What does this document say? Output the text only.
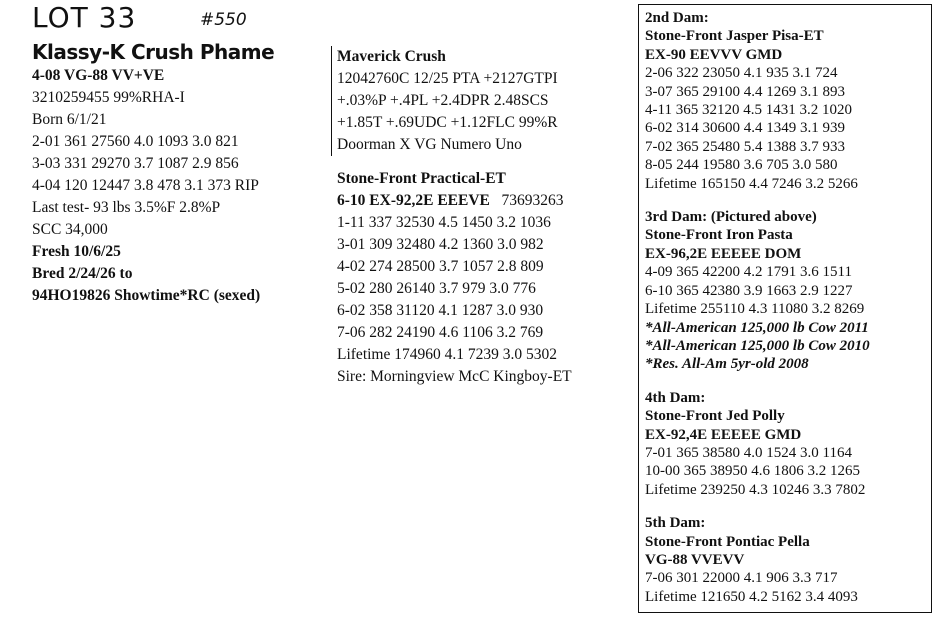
LOT 33	#550
Klassy-K Crush Phame
4-08 VG-88 VV+VE
3210259455 99%RHA-I
Born 6/1/21
2-01 361 27560 4.0 1093 3.0 821
3-03 331 29270 3.7 1087 2.9 856
4-04 120 12447 3.8 478 3.1 373 RIP
Last test- 93 lbs 3.5%F 2.8%P
SCC 34,000
Fresh 10/6/25
Bred 2/24/26 to
94HO19826 Showtime*RC (sexed)
Maverick Crush
12042760C 12/25 PTA +2127GTPI
+.03%P +.4PL +2.4DPR 2.48SCS
+1.85T +.69UDC +1.12FLC 99%R
Doorman X VG Numero Uno
Stone-Front Practical-ET
6-10 EX-92,2E EEEVE 73693263
1-11 337 32530 4.5 1450 3.2 1036
3-01 309 32480 4.2 1360 3.0 982
4-02 274 28500 3.7 1057 2.8 809
5-02 280 26140 3.7 979 3.0 776
6-02 358 31120 4.1 1287 3.0 930
7-06 282 24190 4.6 1106 3.2 769
Lifetime 174960 4.1 7239 3.0 5302
Sire: Morningview McC Kingboy-ET
2nd Dam:
Stone-Front Jasper Pisa-ET
EX-90 EEVVV GMD
2-06 322 23050 4.1 935 3.1 724
3-07 365 29100 4.4 1269 3.1 893
4-11 365 32120 4.5 1431 3.2 1020
6-02 314 30600 4.4 1349 3.1 939
7-02 365 25480 5.4 1388 3.7 933
8-05 244 19580 3.6 705 3.0 580
Lifetime 165150 4.4 7246 3.2 5266
3rd Dam: (Pictured above)
Stone-Front Iron Pasta
EX-96,2E EEEEE DOM
4-09 365 42200 4.2 1791 3.6 1511
6-10 365 42380 3.9 1663 2.9 1227
Lifetime 255110 4.3 11080 3.2 8269
*All-American 125,000 lb Cow 2011
*All-American 125,000 lb Cow 2010
*Res. All-Am 5yr-old 2008
4th Dam:
Stone-Front Jed Polly
EX-92,4E EEEEE GMD
7-01 365 38580 4.0 1524 3.0 1164
10-00 365 38950 4.6 1806 3.2 1265
Lifetime 239250 4.3 10246 3.3 7802
5th Dam:
Stone-Front Pontiac Pella
VG-88 VVEVV
7-06 301 22000 4.1 906 3.3 717
Lifetime 121650 4.2 5162 3.4 4093
